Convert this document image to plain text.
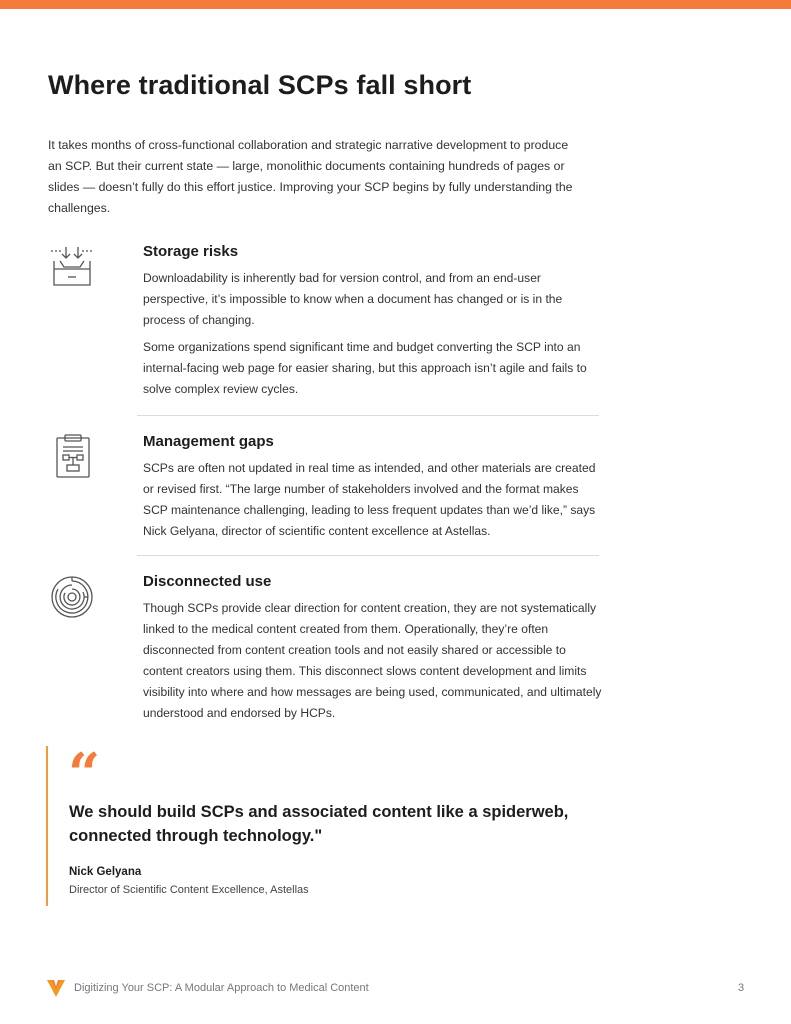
Where traditional SCPs fall short

It takes months of cross-functional collaboration and strategic narrative development to produce an SCP. But their current state — large, monolithic documents containing hundreds of pages or slides — doesn’t fully do this effort justice. Improving your SCP begins by fully understanding the challenges.

Storage risks

Downloadability is inherently bad for version control, and from an end-user perspective, it’s impossible to know when a document has changed or is in the process of changing.

Some organizations spend significant time and budget converting the SCP into an internal-facing web page for easier sharing, but this approach isn’t agile and fails to solve complex review cycles.

Management gaps

SCPs are often not updated in real time as intended, and other materials are created or revised first. “The large number of stakeholders involved and the format makes SCP maintenance challenging, leading to less frequent updates than we’d like,” says Nick Gelyana, director of scientific content excellence at Astellas.

Disconnected use

Though SCPs provide clear direction for content creation, they are not systematically linked to the medical content created from them. Operationally, they’re often disconnected from content creation tools and not easily shared or accessible to content creators using them. This disconnect slows content development and limits visibility into where and how messages are being used, communicated, and ultimately understood and endorsed by HCPs.

“

We should build SCPs and associated content like a spiderweb, connected through technology."

Nick Gelyana
Director of Scientific Content Excellence, Astellas
Digitizing Your SCP: A Modular Approach to Medical Content	3
